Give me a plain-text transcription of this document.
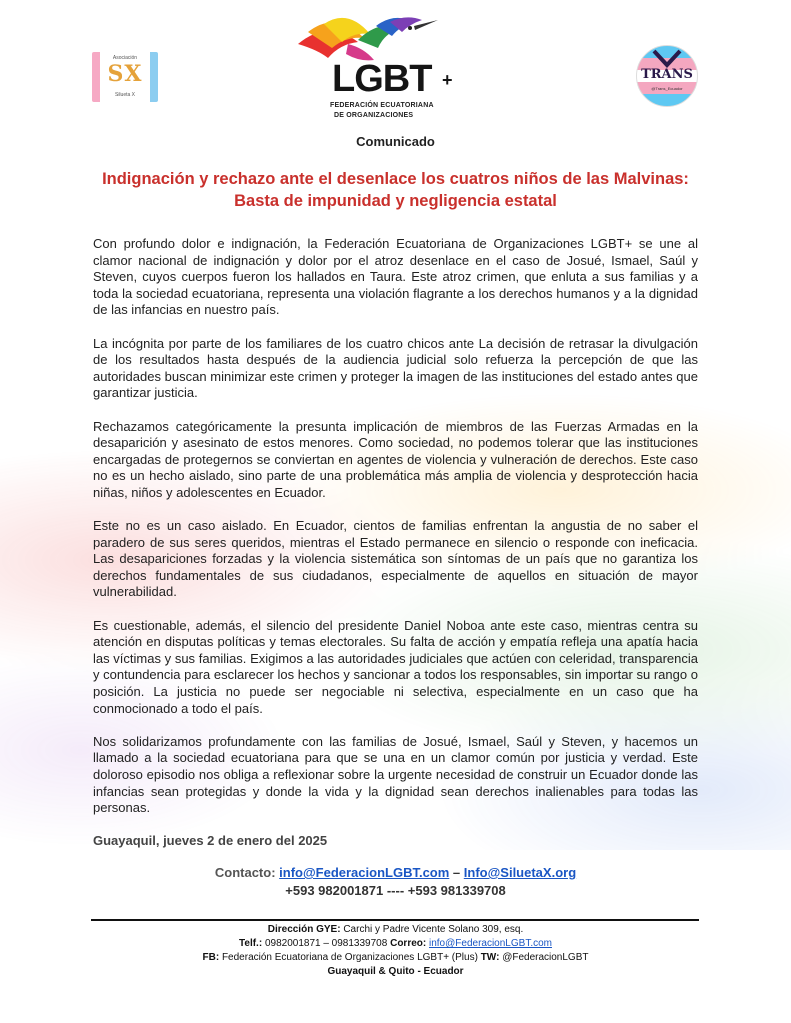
Asociación
SX
Silueta X	LGBT +
FEDERACIÓN ECUATORIANA
DE ORGANIZACIONES
TRANS
@Trans_Ecuador
Comunicado
Indignación y rechazo ante el desenlace los cuatros niños de las Malvinas: Basta de impunidad y negligencia estatal

Con profundo dolor e indignación, la Federación Ecuatoriana de Organizaciones LGBT+ se une al clamor nacional de indignación y dolor por el atroz desenlace en el caso de Josué, Ismael, Saúl y Steven, cuyos cuerpos fueron los hallados en Taura. Este atroz crimen, que enluta a sus familias y a toda la sociedad ecuatoriana, representa una violación flagrante a los derechos humanos y a la dignidad de las infancias en nuestro país.

La incógnita por parte de los familiares de los cuatro chicos ante La decisión de retrasar la divulgación de los resultados hasta después de la audiencia judicial solo refuerza la percepción de que las autoridades buscan minimizar este crimen y proteger la imagen de las instituciones del estado antes que garantizar justicia.

Rechazamos categóricamente la presunta implicación de miembros de las Fuerzas Armadas en la desaparición y asesinato de estos menores. Como sociedad, no podemos tolerar que las instituciones encargadas de protegernos se conviertan en agentes de violencia y vulneración de derechos. Este caso no es un hecho aislado, sino parte de una problemática más amplia de violencia y desprotección hacia niñas, niños y adolescentes en Ecuador.

Este no es un caso aislado. En Ecuador, cientos de familias enfrentan la angustia de no saber el paradero de sus seres queridos, mientras el Estado permanece en silencio o responde con ineficacia. Las desapariciones forzadas y la violencia sistemática son síntomas de un país que no garantiza los derechos fundamentales de sus ciudadanos, especialmente de aquellos en situación de mayor vulnerabilidad.

Es cuestionable, además, el silencio del presidente Daniel Noboa ante este caso, mientras centra su atención en disputas políticas y temas electorales. Su falta de acción y empatía refleja una apatía hacia las víctimas y sus familias. Exigimos a las autoridades judiciales que actúen con celeridad, transparencia y contundencia para esclarecer los hechos y sancionar a todos los responsables, sin importar su rango o posición. La justicia no puede ser negociable ni selectiva, especialmente en un caso que ha conmocionado a todo el país.

Nos solidarizamos profundamente con las familias de Josué, Ismael, Saúl y Steven, y hacemos un llamado a la sociedad ecuatoriana para que se una en un clamor común por justicia y verdad. Este doloroso episodio nos obliga a reflexionar sobre la urgente necesidad de construir un Ecuador donde las infancias sean protegidas y donde la vida y la dignidad sean derechos inalienables para todas las personas.

Guayaquil, jueves 2 de enero del 2025

Contacto: info@FederacionLGBT.com – Info@SiluetaX.org
+593 982001871 ---- +593 981339708
Dirección GYE: Carchi y Padre Vicente Solano 309, esq.
Telf.: 0982001871 – 0981339708 Correo: info@FederacionLGBT.com
FB: Federación Ecuatoriana de Organizaciones LGBT+ (Plus) TW: @FederacionLGBT
Guayaquil & Quito - Ecuador
